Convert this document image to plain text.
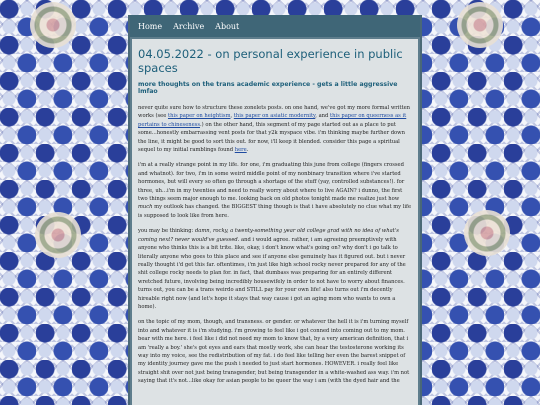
Home Archive About
04.05.2022 - on personal experience in public spaces
more thoughts on the trans academic experience - gets a little aggressive lmfao

never quite sure how to structure these zonelets posts. on one hand, we've got my more formal written works (see this paper on heightism, this paper on asiatic modernity, and this paper on queerness as it pertains to chineseness.) on the other hand, this segment of my page started out as a place to put some...honestly embarrassing vent posts for that y2k myspace vibe. i'm thinking maybe further down the line, it might be good to sort this out. for now, i'll keep it blended. consider this page a spiritual sequel to my initial ramblings found here.

i'm at a really strange point in my life. for one, i'm graduating this june from college (fingers crossed and whatnot). for two, i'm in some weird middle point of my nonbinary transition where i've started hormones, but will every so often go through a shortage of the stuff (yay, controlled substances!). for three, uh...i'm in my twenties and need to really worry about where to live AGAIN? i dunno, the first two things seem major enough to me. looking back on old photos tonight made me realize just how much my outlook has changed. the BIGGEST thing though is that i have absolutely no clue what my life is supposed to look like from here.

you may be thinking: damn, rocky, a twenty-something year old college grad with no idea of what's coming next? never would've guessed. and i would agree. rather, i am agreeing preemptively with anyone who thinks this is a bit trite. like, okay, i don't know what's going on? why don't i go talk to literally anyone who goes to this place and see if anyone else genuinely has it figured out. but i never really thought i'd get this far. oftentimes, i'm just like high school rocky never prepared for any of the shit college rocky needs to plan for. in fact, that dumbass was preparing for an entirely different wretched future, involving being incredibly housewifely in order to not have to worry about finances. turns out, you can be a trans weirdo and STILL pay for your own life! also turns out i'm decently hireable right now (and let's hope it stays that way cause i got an aging mom who wants to own a home).

on the topic of my mom, though, and transness. or gender. or whatever the hell it is i'm turning myself into and whatever it is i'm studying. i'm growing to feel like i got conned into coming out to my mom. bear with me here. i feel like i did not need my mom to know that, by a very american definition, that i am 'really a boy.' she's got eyes and ears that mostly work, she can hear the testosterone working its way into my voice, see the redistribution of my fat. i do feel like telling her even the barest snippet of my identity journey gave me the push i needed to just start hormones. HOWEVER. i really feel like straight shit over not just being transgender, but being transgender in a white-washed ass way. i'm not saying that it's not...like okay for asian people to be queer the way i am (with the dyed hair and the
